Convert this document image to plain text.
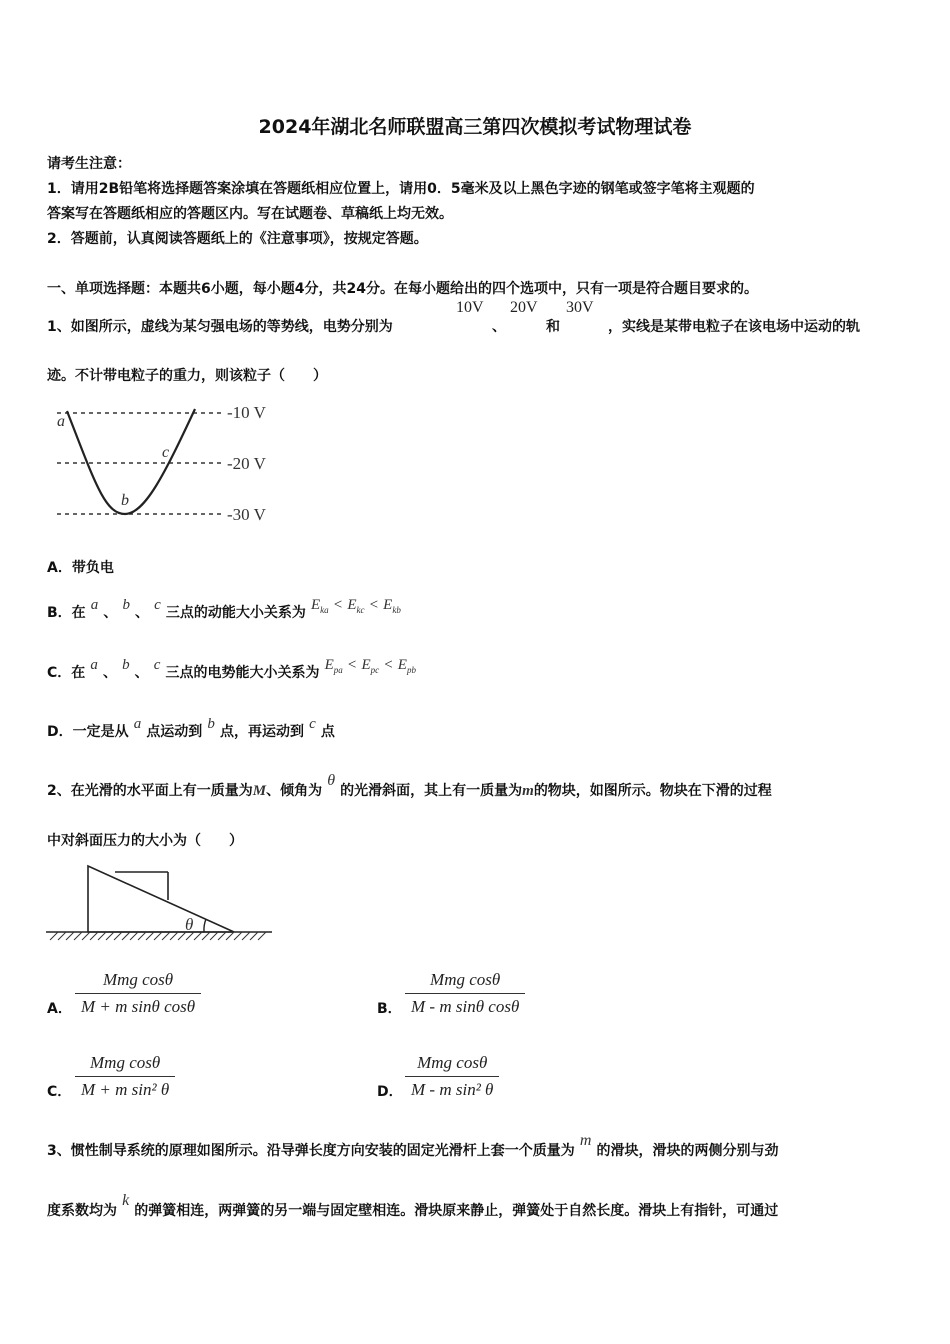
2024年湖北名师联盟高三第四次模拟考试物理试卷
请考生注意：
1．请用2B铅笔将选择题答案涂填在答题纸相应位置上，请用0．5毫米及以上黑色字迹的钢笔或签字笔将主观题的
答案写在答题纸相应的答题区内。写在试题卷、草稿纸上均无效。
2．答题前，认真阅读答题纸上的《注意事项》，按规定答题。
一、单项选择题：本题共6小题，每小题4分，共24分。在每小题给出的四个选项中，只有一项是符合题目要求的。
1、如图所示，虚线为某匀强电场的等势线，电势分别为
10V
、
20V
和
30V
，实线是某带电粒子在该电场中运动的轨
迹。不计带电粒子的重力，则该粒子（　　）
-10 V
-20 V
-30 V
a
b
c
A．带负电
B．在 a 、 b 、 c 三点的动能大小关系为 $E_{ka} < E_{kc} < E_{kb}$
C．在 a 、 b 、 c 三点的电势能大小关系为 $E_{pa} < E_{pc} < E_{pb}$
D．一定是从 a 点运动到 b 点，再运动到 c 点
2、在光滑的水平面上有一质量为M、倾角为 θ 的光滑斜面，其上有一质量为m的物块，如图所示。物块在下滑的过程
中对斜面压力的大小为（　　）
θ
A．
Mmg cosθ
M + m sinθ cosθ	B．
Mmg cosθ
M - m sinθ cosθ
C．
Mmg cosθ
M + m sin² θ	D．
Mmg cosθ
M - m sin² θ
3、惯性制导系统的原理如图所示。沿导弹长度方向安装的固定光滑杆上套一个质量为 m 的滑块，滑块的两侧分别与劲
度系数均为 k 的弹簧相连，两弹簧的另一端与固定壁相连。滑块原来静止，弹簧处于自然长度。滑块上有指针，可通过
